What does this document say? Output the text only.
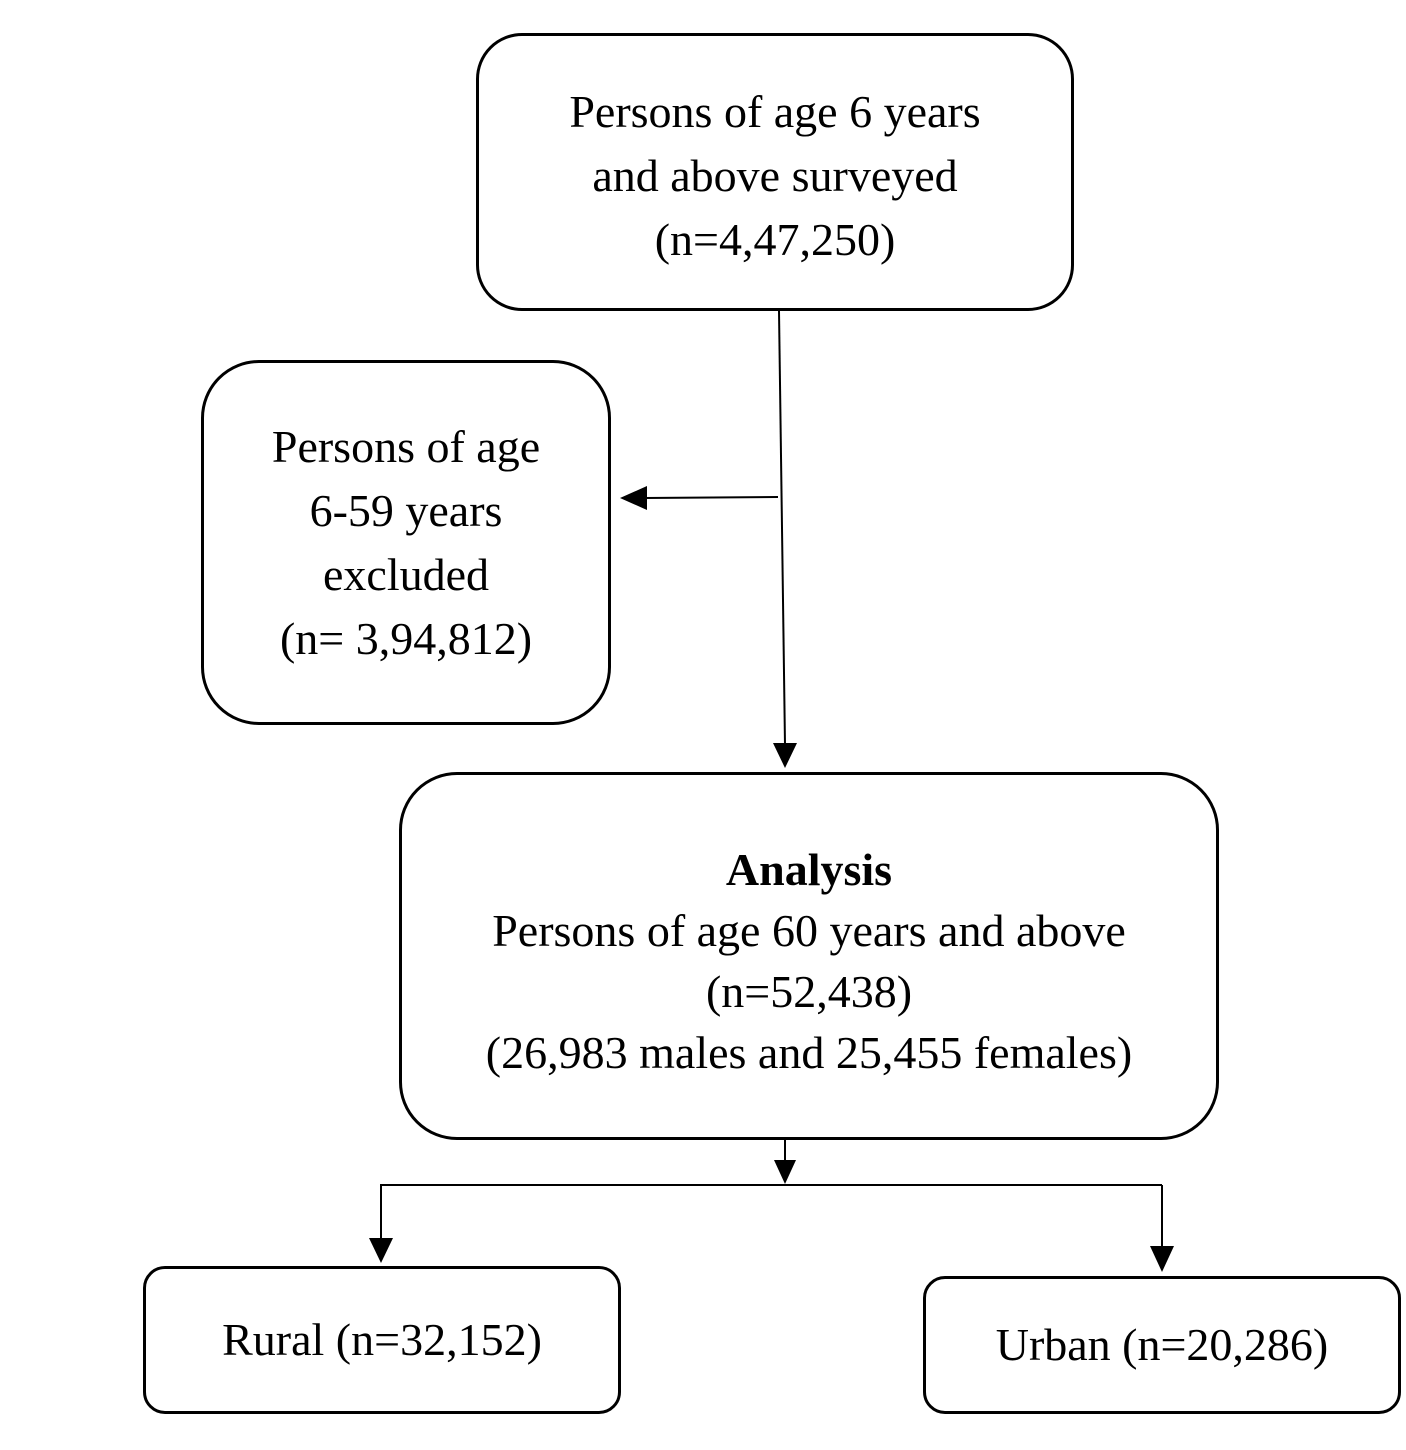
Persons of age 6 years
and above surveyed
(n=4,47,250)
Persons of age
6-59 years
excluded
(n= 3,94,812)
Analysis
Persons of age 60 years and above
(n=52,438)
(26,983 males and 25,455 females)
Rural (n=32,152)	Urban (n=20,286)
